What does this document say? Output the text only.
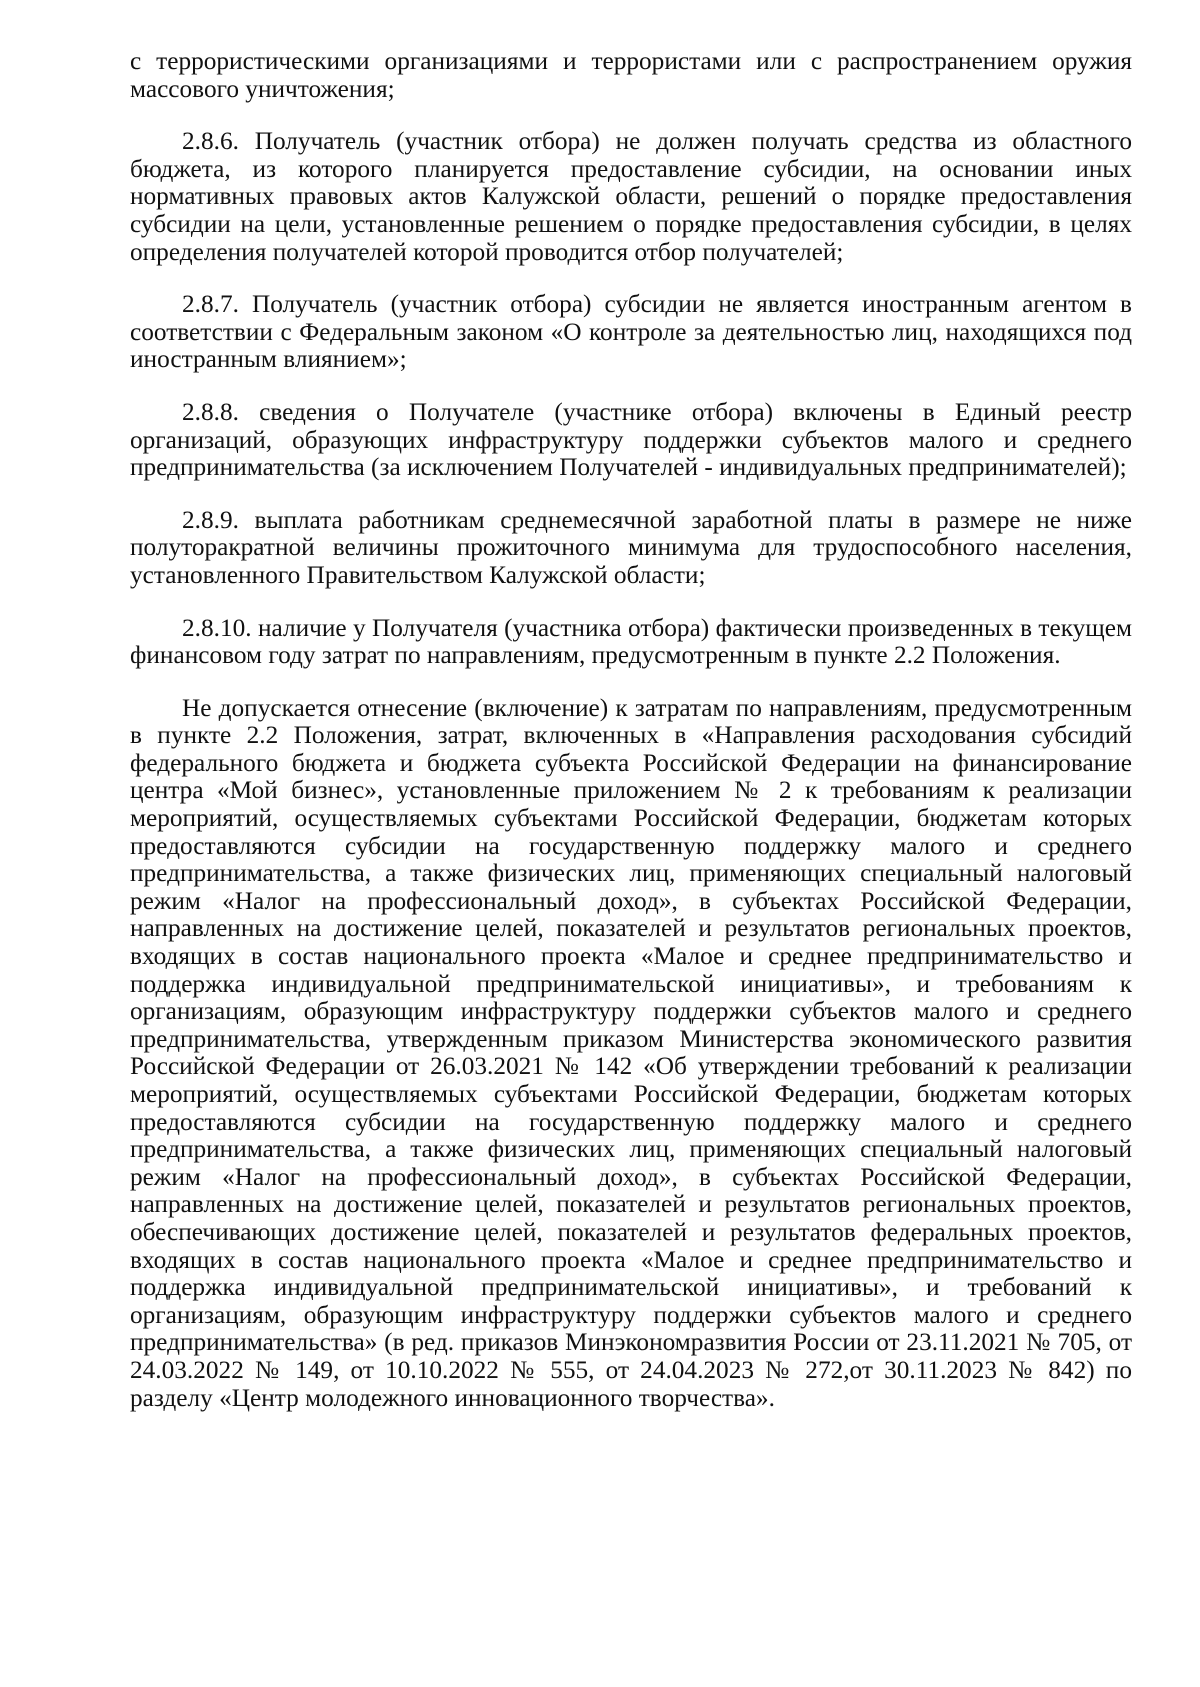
с террористическими организациями и террористами или с распространением оружия массового уничтожения;

2.8.6. Получатель (участник отбора) не должен получать средства из областного бюджета, из которого планируется предоставление субсидии, на основании иных нормативных правовых актов Калужской области, решений о порядке предоставления субсидии на цели, установленные решением о порядке предоставления субсидии, в целях определения получателей которой проводится отбор получателей;

2.8.7. Получатель (участник отбора) субсидии не является иностранным агентом в соответствии с Федеральным законом «О контроле за деятельностью лиц, находящихся под иностранным влиянием»;

2.8.8. сведения о Получателе (участнике отбора) включены в Единый реестр организаций, образующих инфраструктуру поддержки субъектов малого и среднего предпринимательства (за исключением Получателей - индивидуальных предпринимателей);

2.8.9. выплата работникам среднемесячной заработной платы в размере не ниже полуторакратной величины прожиточного минимума для трудоспособного населения, установленного Правительством Калужской области;

2.8.10. наличие у Получателя (участника отбора) фактически произведенных в текущем финансовом году затрат по направлениям, предусмотренным в пункте 2.2 Положения.

Не допускается отнесение (включение) к затратам по направлениям, предусмотренным в пункте 2.2 Положения, затрат, включенных в «Направления расходования субсидий федерального бюджета и бюджета субъекта Российской Федерации на финансирование центра «Мой бизнес», установленные приложением № 2 к требованиям к реализации мероприятий, осуществляемых субъектами Российской Федерации, бюджетам которых предоставляются субсидии на государственную поддержку малого и среднего предпринимательства, а также физических лиц, применяющих специальный налоговый режим «Налог на профессиональный доход», в субъектах Российской Федерации, направленных на достижение целей, показателей и результатов региональных проектов, входящих в состав национального проекта «Малое и среднее предпринимательство и поддержка индивидуальной предпринимательской инициативы», и требованиям к организациям, образующим инфраструктуру поддержки субъектов малого и среднего предпринимательства, утвержденным приказом Министерства экономического развития Российской Федерации от 26.03.2021 № 142 «Об утверждении требований к реализации мероприятий, осуществляемых субъектами Российской Федерации, бюджетам которых предоставляются субсидии на государственную поддержку малого и среднего предпринимательства, а также физических лиц, применяющих специальный налоговый режим «Налог на профессиональный доход», в субъектах Российской Федерации, направленных на достижение целей, показателей и результатов региональных проектов, обеспечивающих достижение целей, показателей и результатов федеральных проектов, входящих в состав национального проекта «Малое и среднее предпринимательство и поддержка индивидуальной предпринимательской инициативы», и требований к организациям, образующим инфраструктуру поддержки субъектов малого и среднего предпринимательства» (в ред. приказов Минэкономразвития России от 23.11.2021 № 705, от 24.03.2022 № 149, от 10.10.2022 № 555, от 24.04.2023 № 272,от 30.11.2023 № 842) по разделу «Центр молодежного инновационного творчества».
